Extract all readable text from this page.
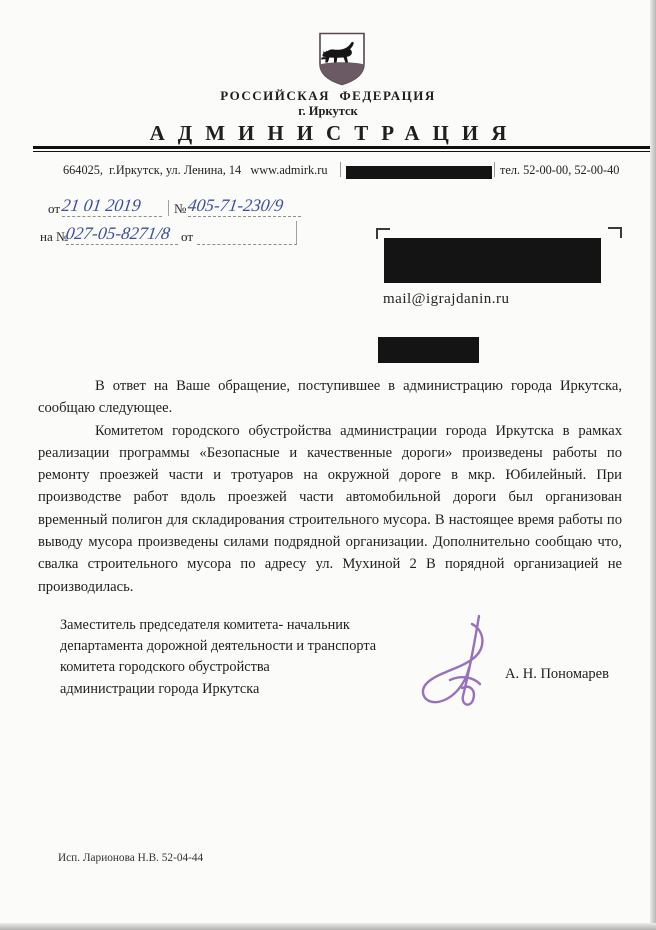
РОССИЙСКАЯ  ФЕДЕРАЦИЯ
г. Иркутск
АДМИНИСТРАЦИЯ
664025,  г.Иркутск, ул. Ленина, 14   www.admirk.ru	тел. 52-00-00, 52-00-40
от 21 01 2019	№ 405-71-230/9
на №
027-05-8271/8 от
mail@igrajdanin.ru

В ответ на Ваше обращение, поступившее в администрацию города Иркутска, сообщаю следующее.

Комитетом городского обустройства администрации города Иркутска в рамках реализации программы «Безопасные и качественные дороги» произведены работы по ремонту проезжей части и тротуаров на окружной дороге в мкр. Юбилейный. При производстве работ вдоль проезжей части автомобильной дороги был организован временный полигон для складирования строительного мусора. В настоящее время работы по выводу мусора произведены силами подрядной организации. Дополнительно сообщаю что, свалка строительного мусора по адресу ул. Мухиной 2 В порядной организацией не производилась.

Заместитель председателя комитета- начальник
департамента дорожной деятельности и транспорта
комитета городского обустройства
администрации города Иркутска
А. Н. Пономарев
Исп. Ларионова Н.В. 52-04-44
